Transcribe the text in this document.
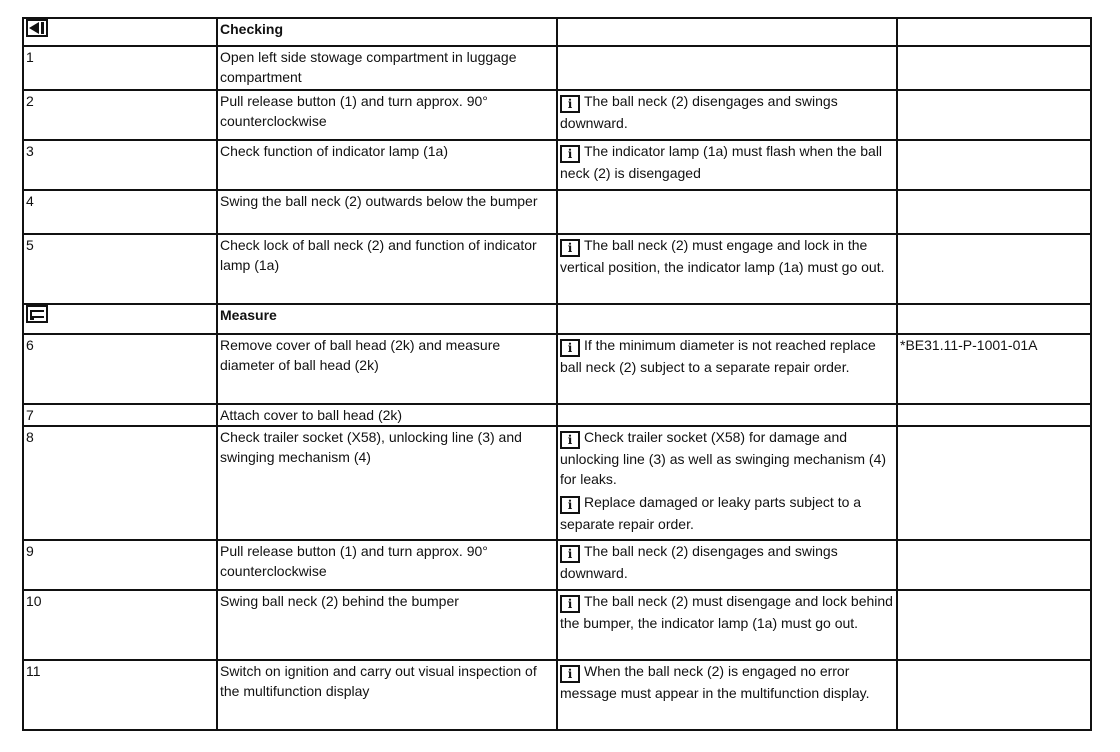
	Checking		
1	Open left side stowage compartment in luggage compartment		
2	Pull release button (1) and turn approx. 90° counterclockwise	i The ball neck (2) disengages and swings downward.	

3	Check function of indicator lamp (1a)	i The indicator lamp (1a) must flash when the ball neck (2) is disengaged	

4	Swing the ball neck (2) outwards below the bumper		
5	Check lock of ball neck (2) and function of indicator lamp (1a)	i The ball neck (2) must engage and lock in the vertical position, the indicator lamp (1a) must go out.	

	Measure		
6	Remove cover of ball head (2k) and measure diameter of ball head (2k)	i If the minimum diameter is not reached replace ball neck (2) subject to a separate repair order.	*BE31.11-P-1001-01A
7	Attach cover to ball head (2k)		
8	Check trailer socket (X58), unlocking line (3) and swinging mechanism (4)	i Check trailer socket (X58) for damage and unlocking line (3) as well as swinging mechanism (4) for leaks.
i Replace damaged or leaky parts subject to a separate repair order.	

9	Pull release button (1) and turn approx. 90° counterclockwise	i The ball neck (2) disengages and swings downward.	

10	Swing ball neck (2) behind the bumper	i The ball neck (2) must disengage and lock behind the bumper, the indicator lamp (1a) must go out.	

11	Switch on ignition and carry out visual inspection of the multifunction display	i When the ball neck (2) is engaged no error message must appear in the multifunction display.	
